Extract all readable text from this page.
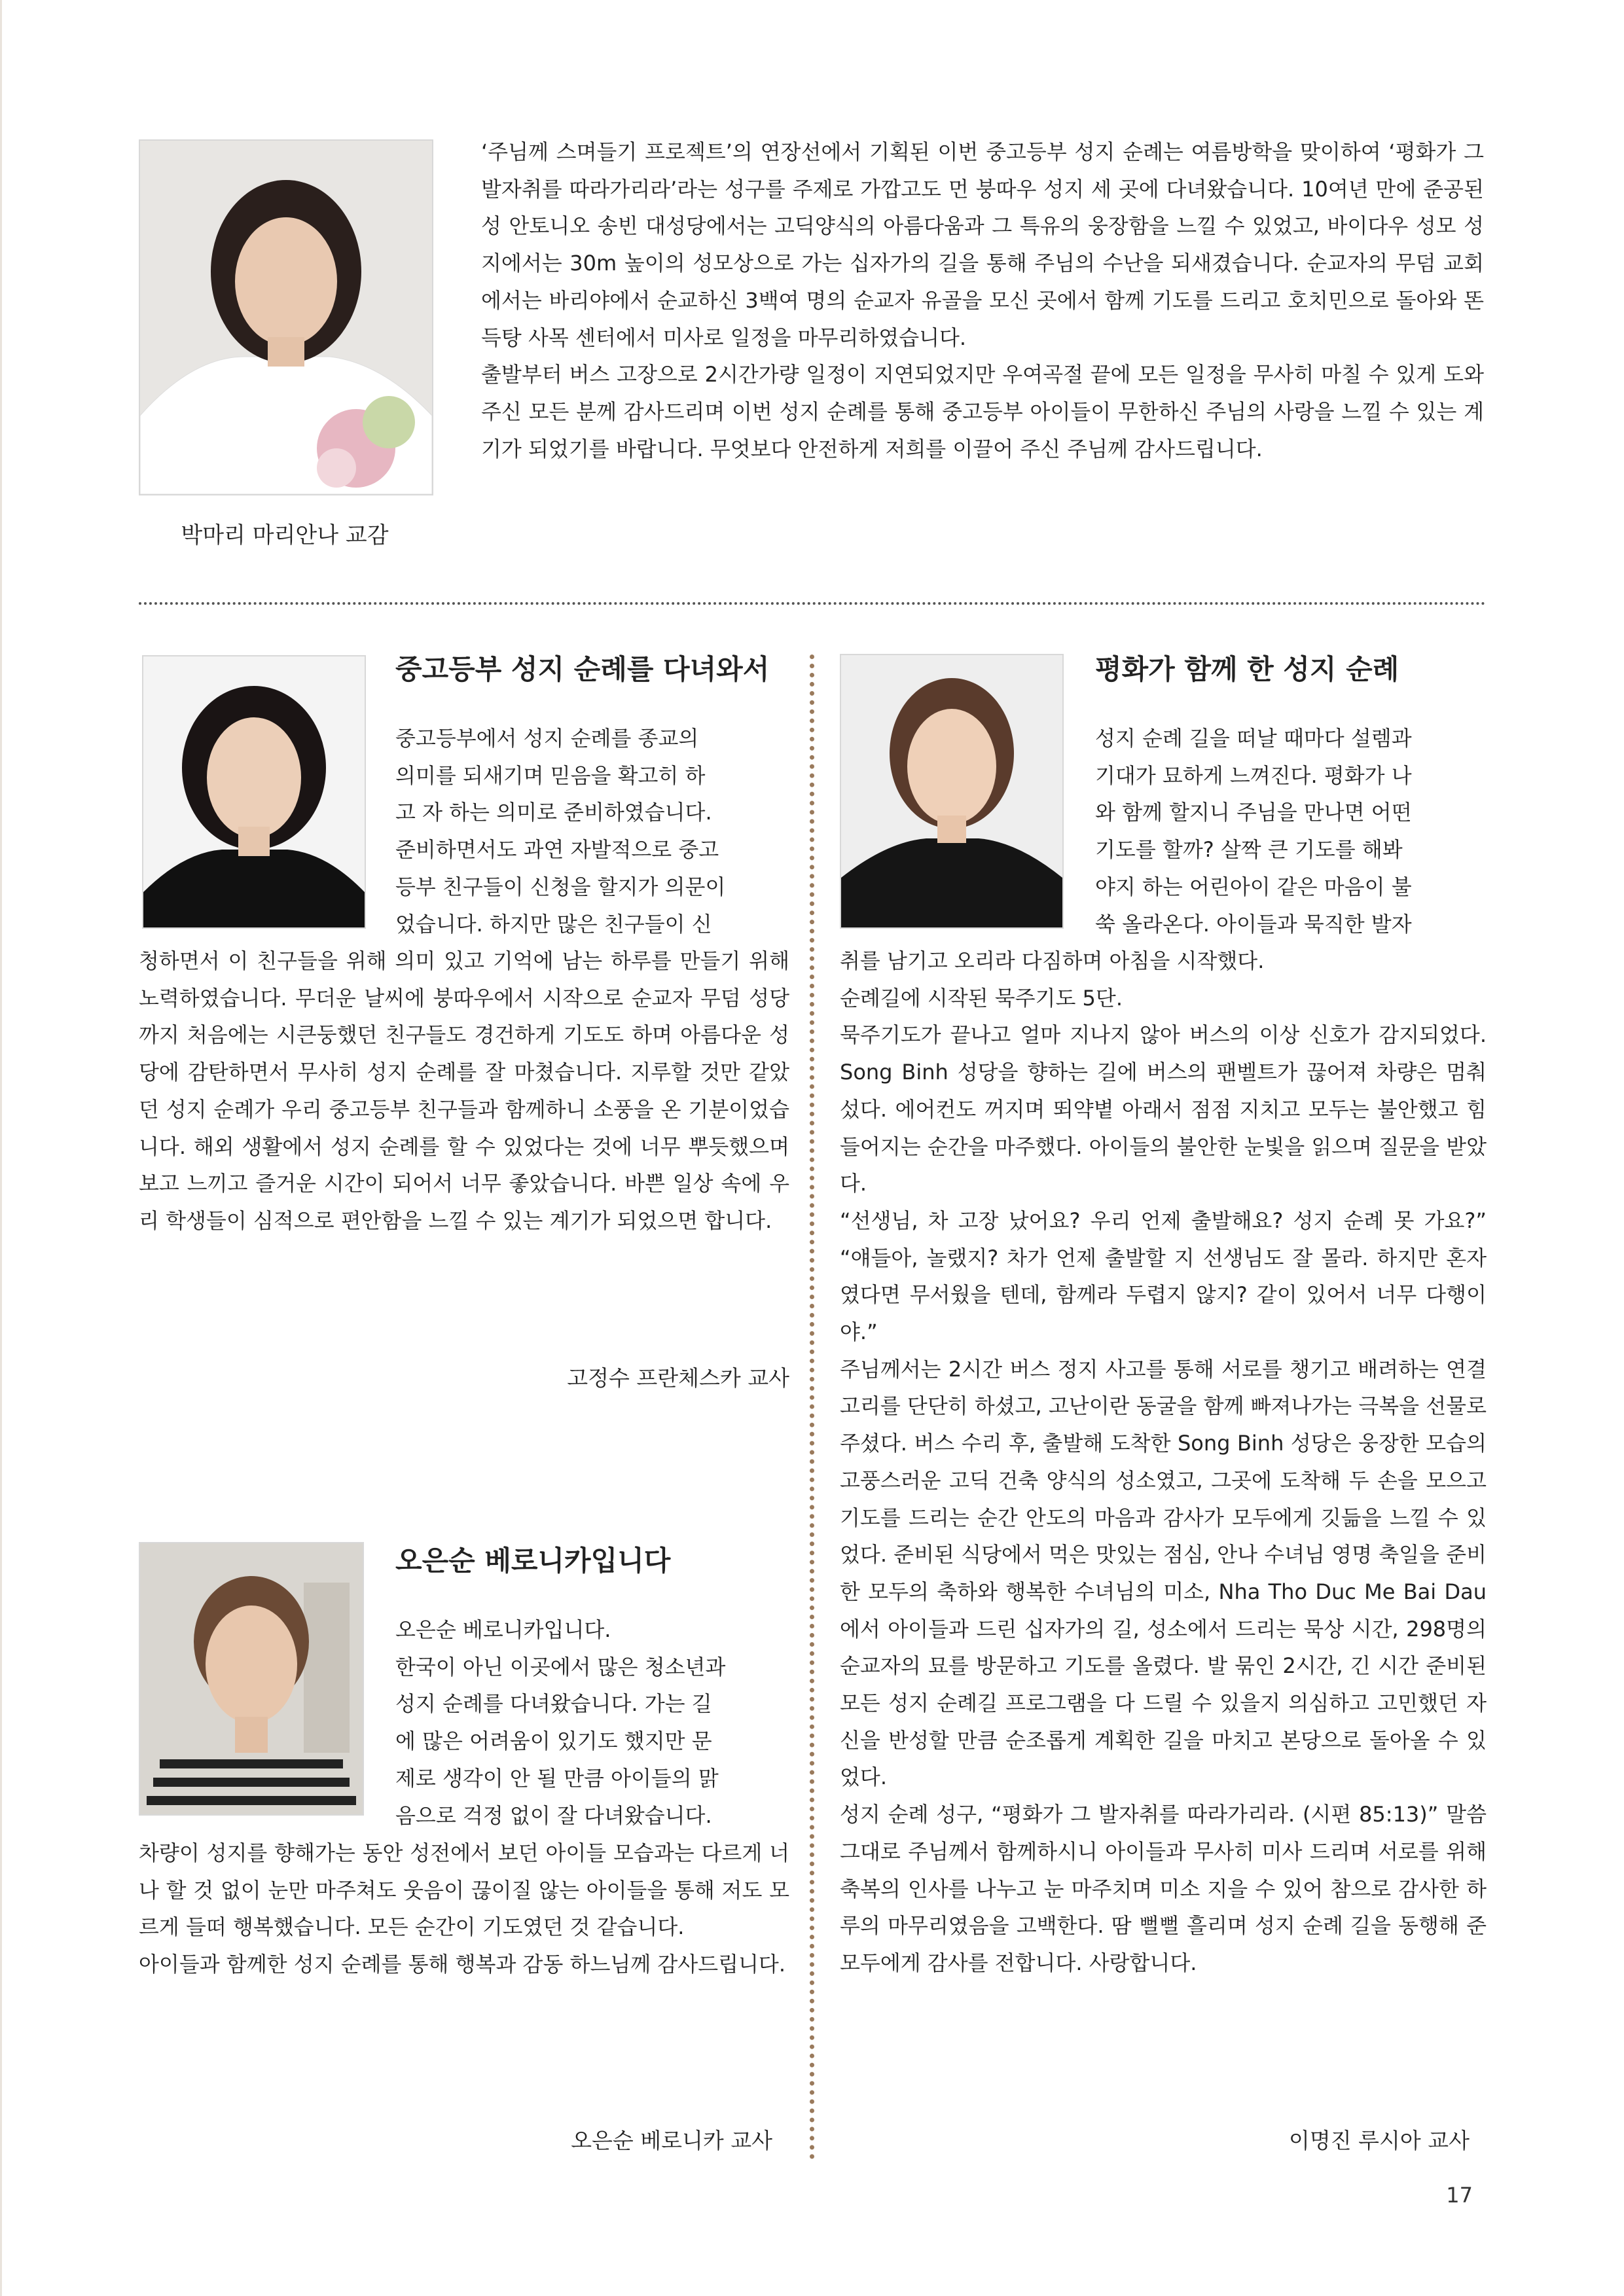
박마리 마리안나 교감

‘주님께 스며들기 프로젝트’의 연장선에서 기획된 이번 중고등부 성지 순례는 여름방학을 맞이하여 ‘평화가 그 발자취를 따라가리라’라는 성구를 주제로 가깝고도 먼 붕따우 성지 세 곳에 다녀왔습니다. 10여년 만에 준공된 성 안토니오 송빈 대성당에서는 고딕양식의 아름다움과 그 특유의 웅장함을 느낄 수 있었고, 바이다우 성모 성지에서는 30m 높이의 성모상으로 가는 십자가의 길을 통해 주님의 수난을 되새겼습니다. 순교자의 무덤 교회에서는 바리야에서 순교하신 3백여 명의 순교자 유골을 모신 곳에서 함께 기도를 드리고 호치민으로 돌아와 똔득탕 사목 센터에서 미사로 일정을 마무리하였습니다.

출발부터 버스 고장으로 2시간가량 일정이 지연되었지만 우여곡절 끝에 모든 일정을 무사히 마칠 수 있게 도와주신 모든 분께 감사드리며 이번 성지 순례를 통해 중고등부 아이들이 무한하신 주님의 사랑을 느낄 수 있는 계기가 되었기를 바랍니다. 무엇보다 안전하게 저희를 이끌어 주신 주님께 감사드립니다.

중고등부 성지 순례를 다녀와서

중고등부에서 성지 순례를 종교의

의미를 되새기며 믿음을 확고히 하

고 자 하는 의미로 준비하였습니다.

준비하면서도 과연 자발적으로 중고

등부 친구들이 신청을 할지가 의문이

었습니다. 하지만 많은 친구들이 신

청하면서 이 친구들을 위해 의미 있고 기억에 남는 하루를 만들기 위해 노력하였습니다. 무더운 날씨에 붕따우에서 시작으로 순교자 무덤 성당까지 처음에는 시큰둥했던 친구들도 경건하게 기도도 하며 아름다운 성당에 감탄하면서 무사히 성지 순례를 잘 마쳤습니다. 지루할 것만 같았던 성지 순례가 우리 중고등부 친구들과 함께하니 소풍을 온 기분이었습니다. 해외 생활에서 성지 순례를 할 수 있었다는 것에 너무 뿌듯했으며 보고 느끼고 즐거운 시간이 되어서 너무 좋았습니다. 바쁜 일상 속에 우리 학생들이 심적으로 편안함을 느낄 수 있는 계기가 되었으면 합니다.

고정수 프란체스카 교사
오은순 베로니카입니다

오은순 베로니카입니다.

한국이 아닌 이곳에서 많은 청소년과

성지 순례를 다녀왔습니다. 가는 길

에 많은 어려움이 있기도 했지만 문

제로 생각이 안 될 만큼 아이들의 맑

음으로 걱정 없이 잘 다녀왔습니다.

차량이 성지를 향해가는 동안 성전에서 보던 아이들 모습과는 다르게 너나 할 것 없이 눈만 마주쳐도 웃음이 끊이질 않는 아이들을 통해 저도 모르게 들떠 행복했습니다. 모든 순간이 기도였던 것 같습니다.

아이들과 함께한 성지 순례를 통해 행복과 감동 하느님께 감사드립니다.

오은순 베로니카 교사
평화가 함께 한 성지 순례

성지 순례 길을 떠날 때마다 설렘과

기대가 묘하게 느껴진다. 평화가 나

와 함께 할지니 주님을 만나면 어떤

기도를 할까? 살짝 큰 기도를 해봐

야지 하는 어린아이 같은 마음이 불

쑥 올라온다. 아이들과 묵직한 발자

취를 남기고 오리라 다짐하며 아침을 시작했다.

순례길에 시작된 묵주기도 5단.

묵주기도가 끝나고 얼마 지나지 않아 버스의 이상 신호가 감지되었다. Song Binh 성당을 향하는 길에 버스의 팬벨트가 끊어져 차량은 멈춰 섰다. 에어컨도 꺼지며 뙤약볕 아래서 점점 지치고 모두는 불안했고 힘들어지는 순간을 마주했다. 아이들의 불안한 눈빛을 읽으며 질문을 받았다.

“선생님, 차 고장 났어요? 우리 언제 출발해요? 성지 순례 못 가요?” “얘들아, 놀랬지? 차가 언제 출발할 지 선생님도 잘 몰라. 하지만 혼자였다면 무서웠을 텐데, 함께라 두렵지 않지? 같이 있어서 너무 다행이야.”

주님께서는 2시간 버스 정지 사고를 통해 서로를 챙기고 배려하는 연결고리를 단단히 하셨고, 고난이란 동굴을 함께 빠져나가는 극복을 선물로 주셨다. 버스 수리 후, 출발해 도착한 Song Binh 성당은 웅장한 모습의 고풍스러운 고딕 건축 양식의 성소였고, 그곳에 도착해 두 손을 모으고 기도를 드리는 순간 안도의 마음과 감사가 모두에게 깃듦을 느낄 수 있었다. 준비된 식당에서 먹은 맛있는 점심, 안나 수녀님 영명 축일을 준비한 모두의 축하와 행복한 수녀님의 미소, Nha Tho Duc Me Bai Dau에서 아이들과 드린 십자가의 길, 성소에서 드리는 묵상 시간, 298명의 순교자의 묘를 방문하고 기도를 올렸다. 발 묶인 2시간, 긴 시간 준비된 모든 성지 순례길 프로그램을 다 드릴 수 있을지 의심하고 고민했던 자신을 반성할 만큼 순조롭게 계획한 길을 마치고 본당으로 돌아올 수 있었다.

성지 순례 성구, “평화가 그 발자취를 따라가리라. (시편 85:13)” 말씀 그대로 주님께서 함께하시니 아이들과 무사히 미사 드리며 서로를 위해 축복의 인사를 나누고 눈 마주치며 미소 지을 수 있어 참으로 감사한 하루의 마무리였음을 고백한다. 땀 뻘뻘 흘리며 성지 순례 길을 동행해 준 모두에게 감사를 전합니다. 사랑합니다.

이명진 루시아 교사
17
